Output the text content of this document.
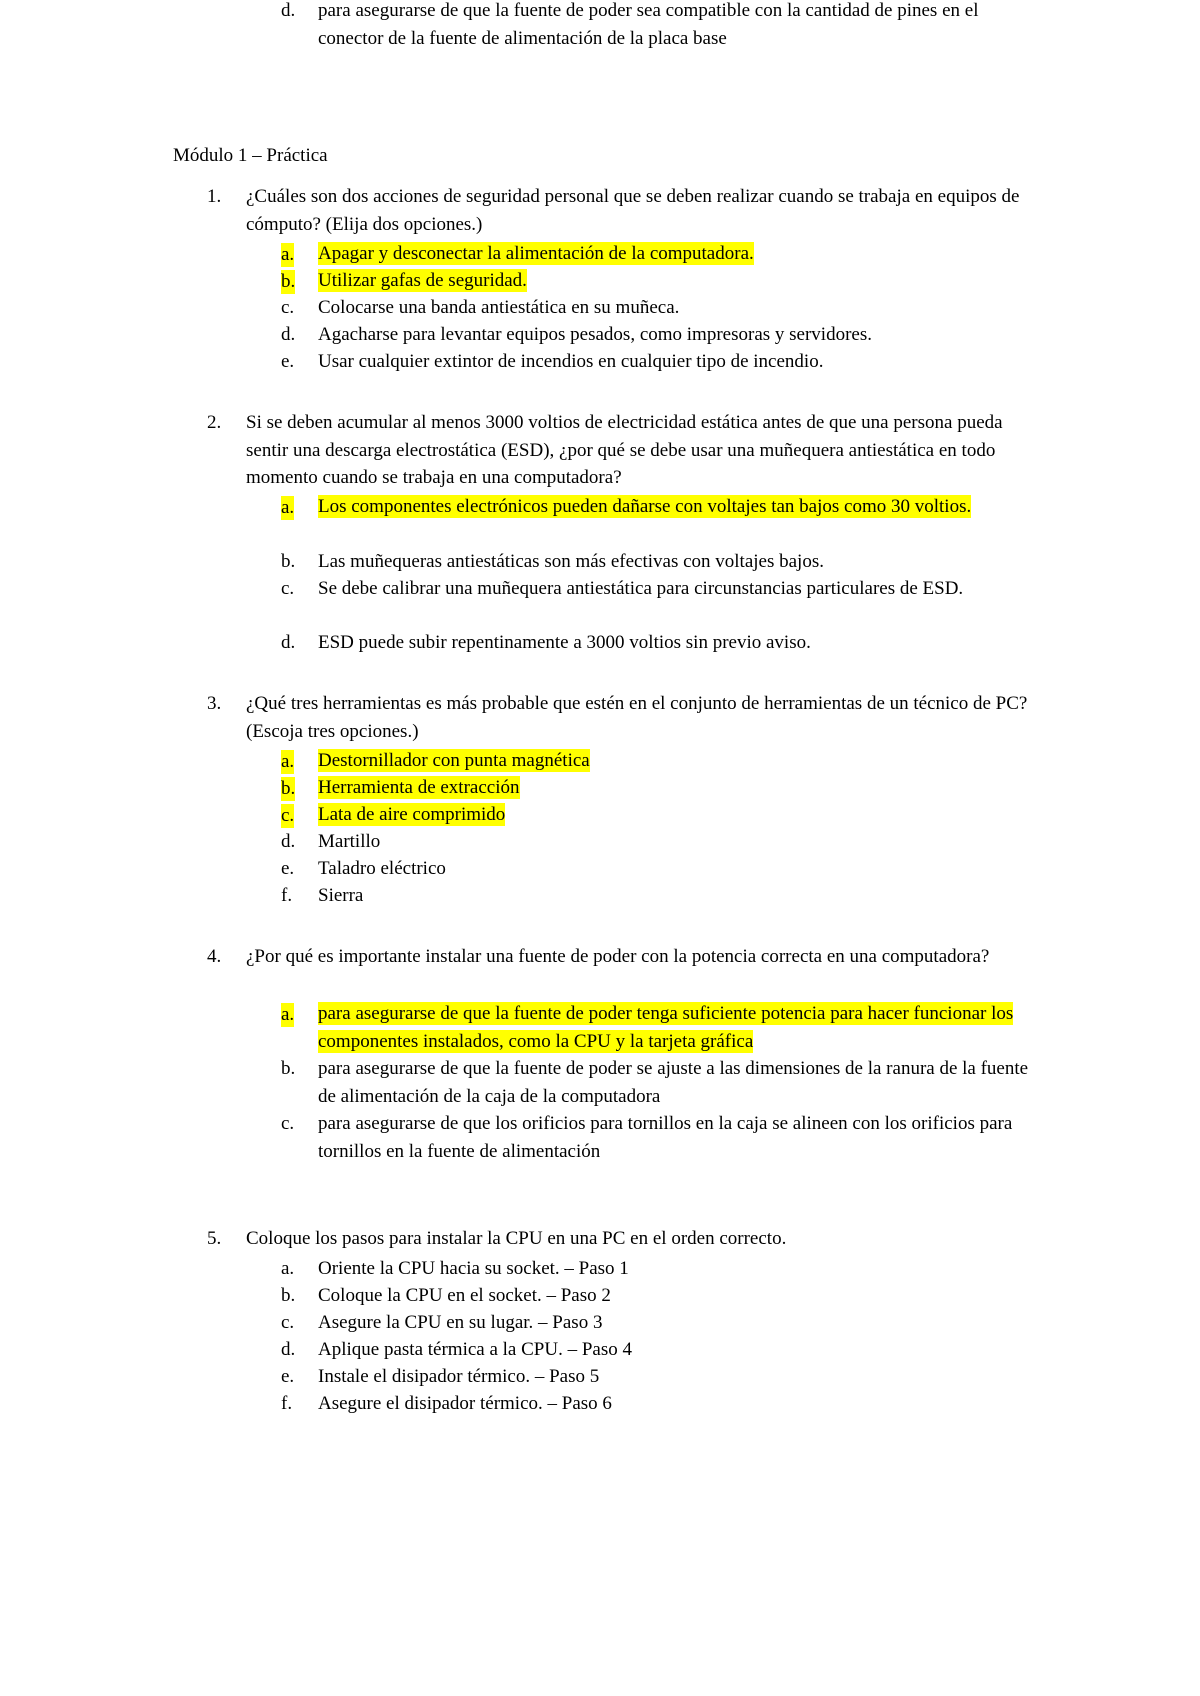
Módulo 1 – Práctica
1. ¿Cuáles son dos acciones de seguridad personal que se deben realizar cuando se trabaja en equipos de cómputo? (Elija dos opciones.)
a. Apagar y desconectar la alimentación de la computadora.
b. Utilizar gafas de seguridad.
c. Colocarse una banda antiestática en su muñeca.
d. Agacharse para levantar equipos pesados, como impresoras y servidores.
e. Usar cualquier extintor de incendios en cualquier tipo de incendio.
2. Si se deben acumular al menos 3000 voltios de electricidad estática antes de que una persona pueda sentir una descarga electrostática (ESD), ¿por qué se debe usar una muñequera antiestática en todo momento cuando se trabaja en una computadora?
a. Los componentes electrónicos pueden dañarse con voltajes tan bajos como 30 voltios.
b. Las muñequeras antiestáticas son más efectivas con voltajes bajos.
c. Se debe calibrar una muñequera antiestática para circunstancias particulares de ESD.
d. ESD puede subir repentinamente a 3000 voltios sin previo aviso.
3. ¿Qué tres herramientas es más probable que estén en el conjunto de herramientas de un técnico de PC? (Escoja tres opciones.)
a. Destornillador con punta magnética
b. Herramienta de extracción
c. Lata de aire comprimido
d. Martillo
e. Taladro eléctrico
f. Sierra
4. ¿Por qué es importante instalar una fuente de poder con la potencia correcta en una computadora?
a. para asegurarse de que la fuente de poder tenga suficiente potencia para hacer funcionar los componentes instalados, como la CPU y la tarjeta gráfica
b. para asegurarse de que la fuente de poder se ajuste a las dimensiones de la ranura de la fuente de alimentación de la caja de la computadora
c. para asegurarse de que los orificios para tornillos en la caja se alineen con los orificios para tornillos en la fuente de alimentación
d. para asegurarse de que la fuente de poder sea compatible con la cantidad de pines en el conector de la fuente de alimentación de la placa base
5. Coloque los pasos para instalar la CPU en una PC en el orden correcto.
a. Oriente la CPU hacia su socket. – Paso 1
b. Coloque la CPU en el socket. – Paso 2
c. Asegure la CPU en su lugar. – Paso 3
d. Aplique pasta térmica a la CPU. – Paso 4
e. Instale el disipador térmico. – Paso 5
f. Asegure el disipador térmico. – Paso 6
